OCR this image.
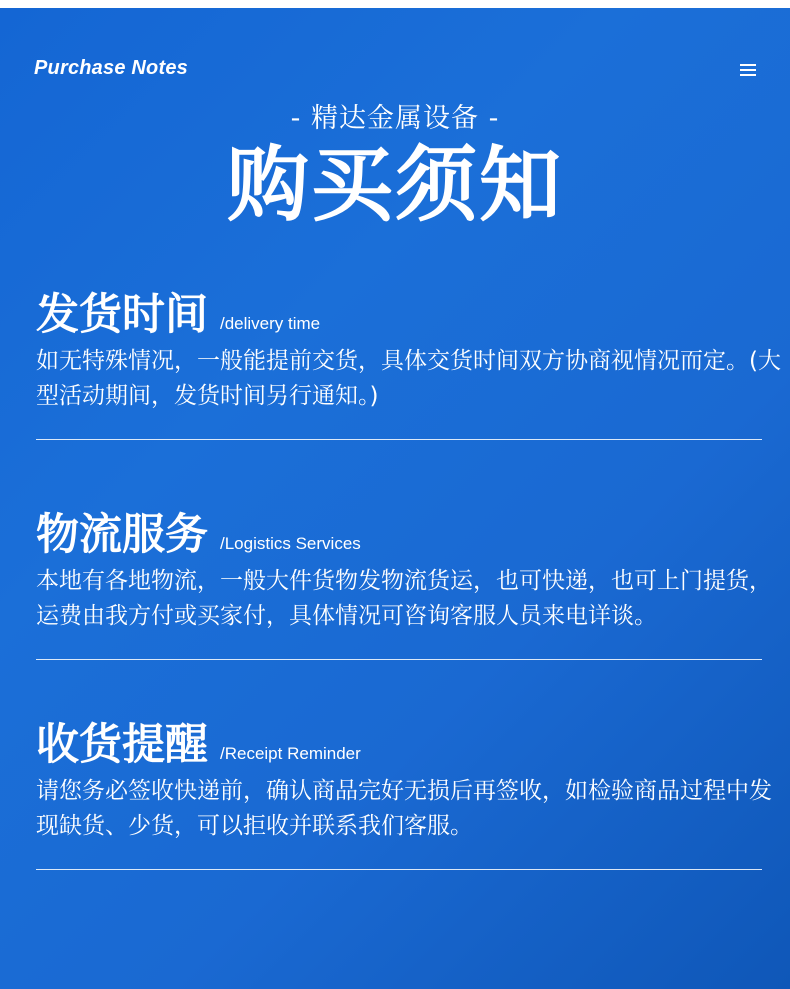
Purchase Notes
- 精达金属设备 -
购买须知
发货时间 /delivery time
如无特殊情况，一般能提前交货，具体交货时间双方协商视情况而定。(大型活动期间，发货时间另行通知。)
物流服务 /Logistics Services
本地有各地物流，一般大件货物发物流货运，也可快递，也可上门提货，运费由我方付或买家付，具体情况可咨询客服人员来电详谈。
收货提醒 /Receipt Reminder
请您务必签收快递前，确认商品完好无损后再签收，如检验商品过程中发现缺货、少货，可以拒收并联系我们客服。
